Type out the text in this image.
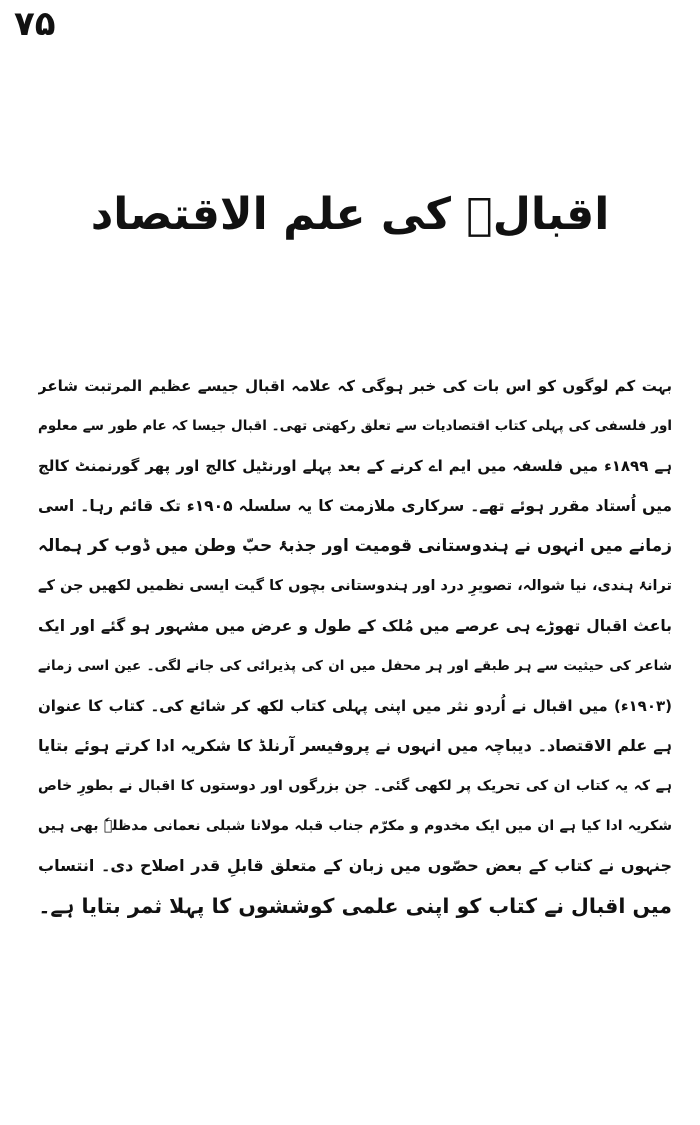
۷۵
اقبالؒ کی علم الاقتصاد
بہت کم لوگوں کو اس بات کی خبر ہوگی کہ علامہ اقبال جیسے عظیم المرتبت شاعر
اور فلسفی کی پہلی کتاب اقتصادیات سے تعلق رکھتی تھی۔ اقبال جیسا کہ عام طور سے معلوم
ہے ۱۸۹۹ء میں فلسفہ میں ایم اے کرنے کے بعد پہلے اورنٹیل کالج اور پھر گورنمنٹ کالج
میں اُستاد مقرر ہوئے تھے۔ سرکاری ملازمت کا یہ سلسلہ ۱۹۰۵ء تک قائم رہا۔ اسی
زمانے میں انہوں نے ہندوستانی قومیت اور جذبۂ حبّ وطن میں ڈوب کر ہمالہ
ترانۂ ہندی، نیا شوالہ، تصویرِ درد اور ہندوستانی بچوں کا گیت ایسی نظمیں لکھیں جن کے
باعث اقبال تھوڑے ہی عرصے میں مُلک کے طول و عرض میں مشہور ہو گئے اور ایک
شاعر کی حیثیت سے ہر طبقے اور ہر محفل میں ان کی پذیرائی کی جانے لگی۔ عین اسی زمانے
(۱۹۰۳ء) میں اقبال نے اُردو نثر میں اپنی پہلی کتاب لکھ کر شائع کی۔ کتاب کا عنوان
ہے علم الاقتصاد۔ دیباچہ میں انہوں نے پروفیسر آرنلڈ کا شکریہ ادا کرتے ہوئے بتایا
ہے کہ یہ کتاب ان کی تحریک پر لکھی گئی۔ جن بزرگوں اور دوستوں کا اقبال نے بطورِ خاص
شکریہ ادا کیا ہے ان میں ایک مخدوم و مکرّم جناب قبلہ مولانا شبلی نعمانی مدظلہٗ بھی ہیں
جنہوں نے کتاب کے بعض حصّوں میں زبان کے متعلق قابلِ قدر اصلاح دی۔ انتساب
میں اقبال نے کتاب کو اپنی علمی کوششوں کا پہلا ثمر بتایا ہے۔
